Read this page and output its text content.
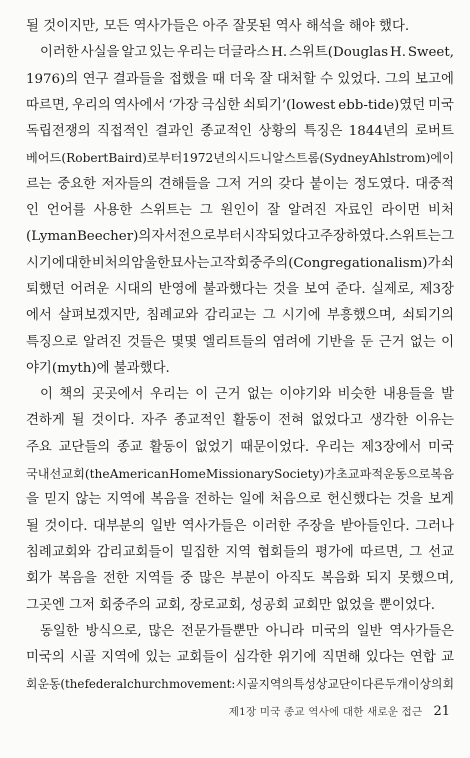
될 것이지만, 모든 역사가들은 아주 잘못된 역사 해석을 해야 했다.
이러한 사실을 알고 있는 우리는 더글라스 H. 스위트(Douglas H. Sweet,
1976)의 연구 결과들을 접했을 때 더욱 잘 대처할 수 있었다. 그의 보고에
따르면, 우리의 역사에서 ‘가장 극심한 쇠퇴기’(lowest ebb-tide)였던 미국
독립전쟁의 직접적인 결과인 종교적인 상황의 특징은 1844년의 로버트
베어드(Robert Baird)로부터 1972년의 시드니 알스트롬(Sydney Ahlstrom)에 이
르는 중요한 저자들의 견해들을 그저 거의 갖다 붙이는 정도였다. 대중적
인 언어를 사용한 스위트는 그 원인이 잘 알려진 자료인 라이먼 비처
(Lyman Beecher)의 자서전으로부터 시작되었다고 주장하였다. 스위트는 그
시기에 대한 비처의 암울한 묘사는 고작 회중주의(Congregationalism)가 쇠
퇴했던 어려운 시대의 반영에 불과했다는 것을 보여 준다. 실제로, 제3장
에서 살펴보겠지만, 침례교와 감리교는 그 시기에 부흥했으며, 쇠퇴기의
특징으로 알려진 것들은 몇몇 엘리트들의 염려에 기반을 둔 근거 없는 이
야기(myth)에 불과했다.
이 책의 곳곳에서 우리는 이 근거 없는 이야기와 비슷한 내용들을 발
견하게 될 것이다. 자주 종교적인 활동이 전혀 없었다고 생각한 이유는
주요 교단들의 종교 활동이 없었기 때문이었다. 우리는 제3장에서 미국
국내선교회(the American Home Missionary Society)가 초교파적 운동으로 복음
을 믿지 않는 지역에 복음을 전하는 일에 처음으로 헌신했다는 것을 보게
될 것이다. 대부분의 일반 역사가들은 이러한 주장을 받아들인다. 그러나
침례교회와 감리교회들이 밀집한 지역 협회들의 평가에 따르면, 그 선교
회가 복음을 전한 지역들 중 많은 부분이 아직도 복음화 되지 못했으며,
그곳엔 그저 회중주의 교회, 장로교회, 성공회 교회만 없었을 뿐이었다.
동일한 방식으로, 많은 전문가들뿐만 아니라 미국의 일반 역사가들은
미국의 시골 지역에 있는 교회들이 심각한 위기에 직면해 있다는 연합 교
회 운동(the federal church movement: 시골 지역의 특성상 교단이 다른 두 개 이상의 회
제1장 미국 종교 역사에 대한 새로운 접근 21
